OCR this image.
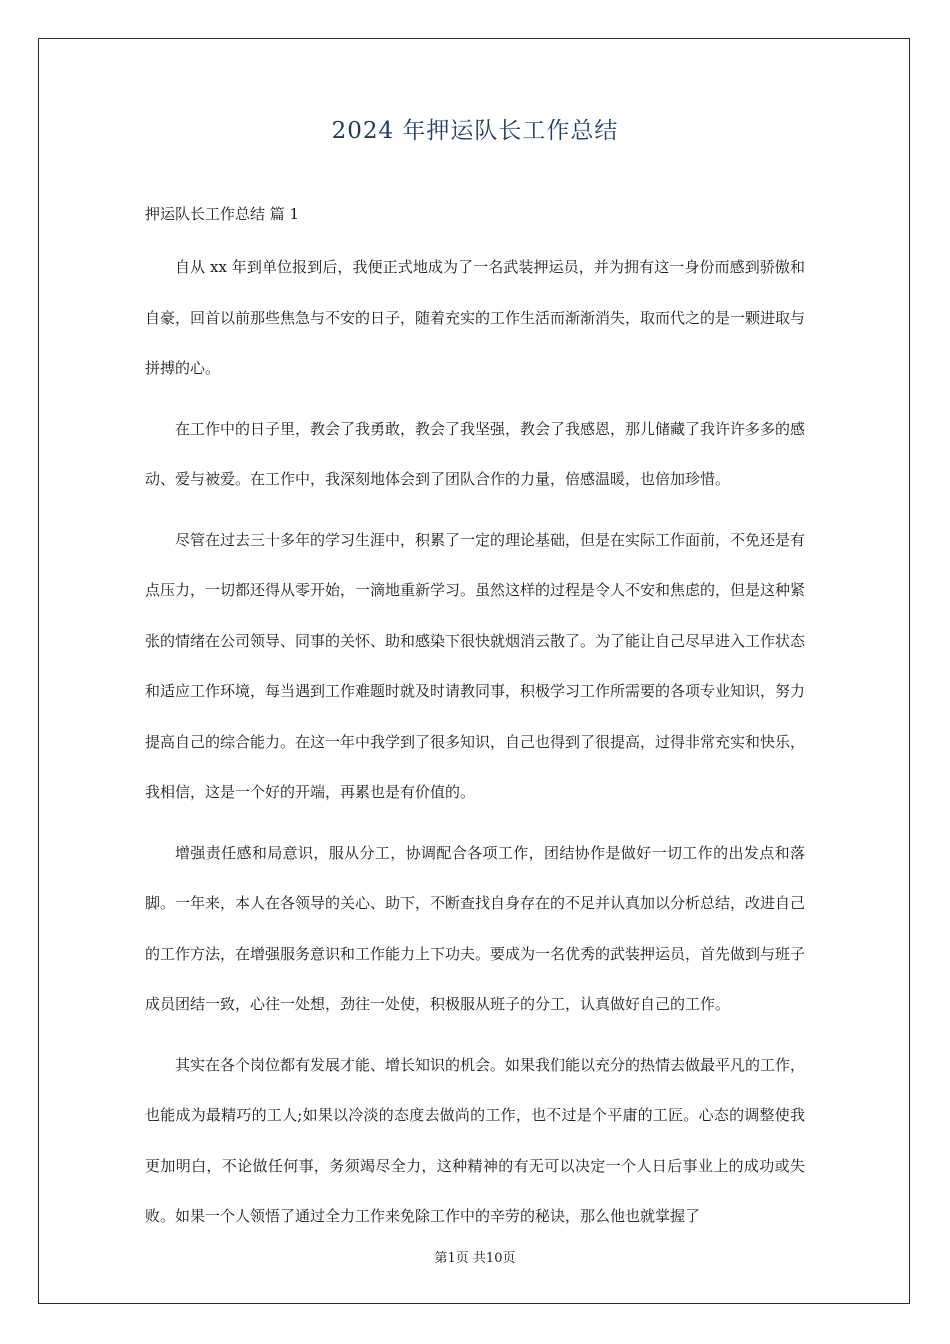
2024 年押运队长工作总结
押运队长工作总结 篇 1

自从 xx 年到单位报到后，我便正式地成为了一名武装押运员，并为拥有这一身份而感到骄傲和自豪，回首以前那些焦急与不安的日子，随着充实的工作生活而渐渐消失，取而代之的是一颗进取与拼搏的心。

在工作中的日子里，教会了我勇敢，教会了我坚强，教会了我感恩，那儿储藏了我许许多多的感动、爱与被爱。在工作中，我深刻地体会到了团队合作的力量，倍感温暖，也倍加珍惜。

尽管在过去三十多年的学习生涯中，积累了一定的理论基础，但是在实际工作面前，不免还是有点压力，一切都还得从零开始，一滴地重新学习。虽然这样的过程是令人不安和焦虑的，但是这种紧张的情绪在公司领导、同事的关怀、助和感染下很快就烟消云散了。为了能让自己尽早进入工作状态和适应工作环境，每当遇到工作难题时就及时请教同事，积极学习工作所需要的各项专业知识，努力提高自己的综合能力。在这一年中我学到了很多知识，自己也得到了很提高，过得非常充实和快乐，我相信，这是一个好的开端，再累也是有价值的。

增强责任感和局意识，服从分工，协调配合各项工作，团结协作是做好一切工作的出发点和落脚。一年来，本人在各领导的关心、助下，不断查找自身存在的不足并认真加以分析总结，改进自己的工作方法，在增强服务意识和工作能力上下功夫。要成为一名优秀的武装押运员，首先做到与班子成员团结一致，心往一处想，劲往一处使，积极服从班子的分工，认真做好自己的工作。

其实在各个岗位都有发展才能、增长知识的机会。如果我们能以充分的热情去做最平凡的工作，也能成为最精巧的工人;如果以冷淡的态度去做尚的工作，也不过是个平庸的工匠。心态的调整使我更加明白，不论做任何事，务须竭尽全力，这种精神的有无可以决定一个人日后事业上的成功或失败。如果一个人领悟了通过全力工作来免除工作中的辛劳的秘诀，那么他也就掌握了

第1页 共10页
